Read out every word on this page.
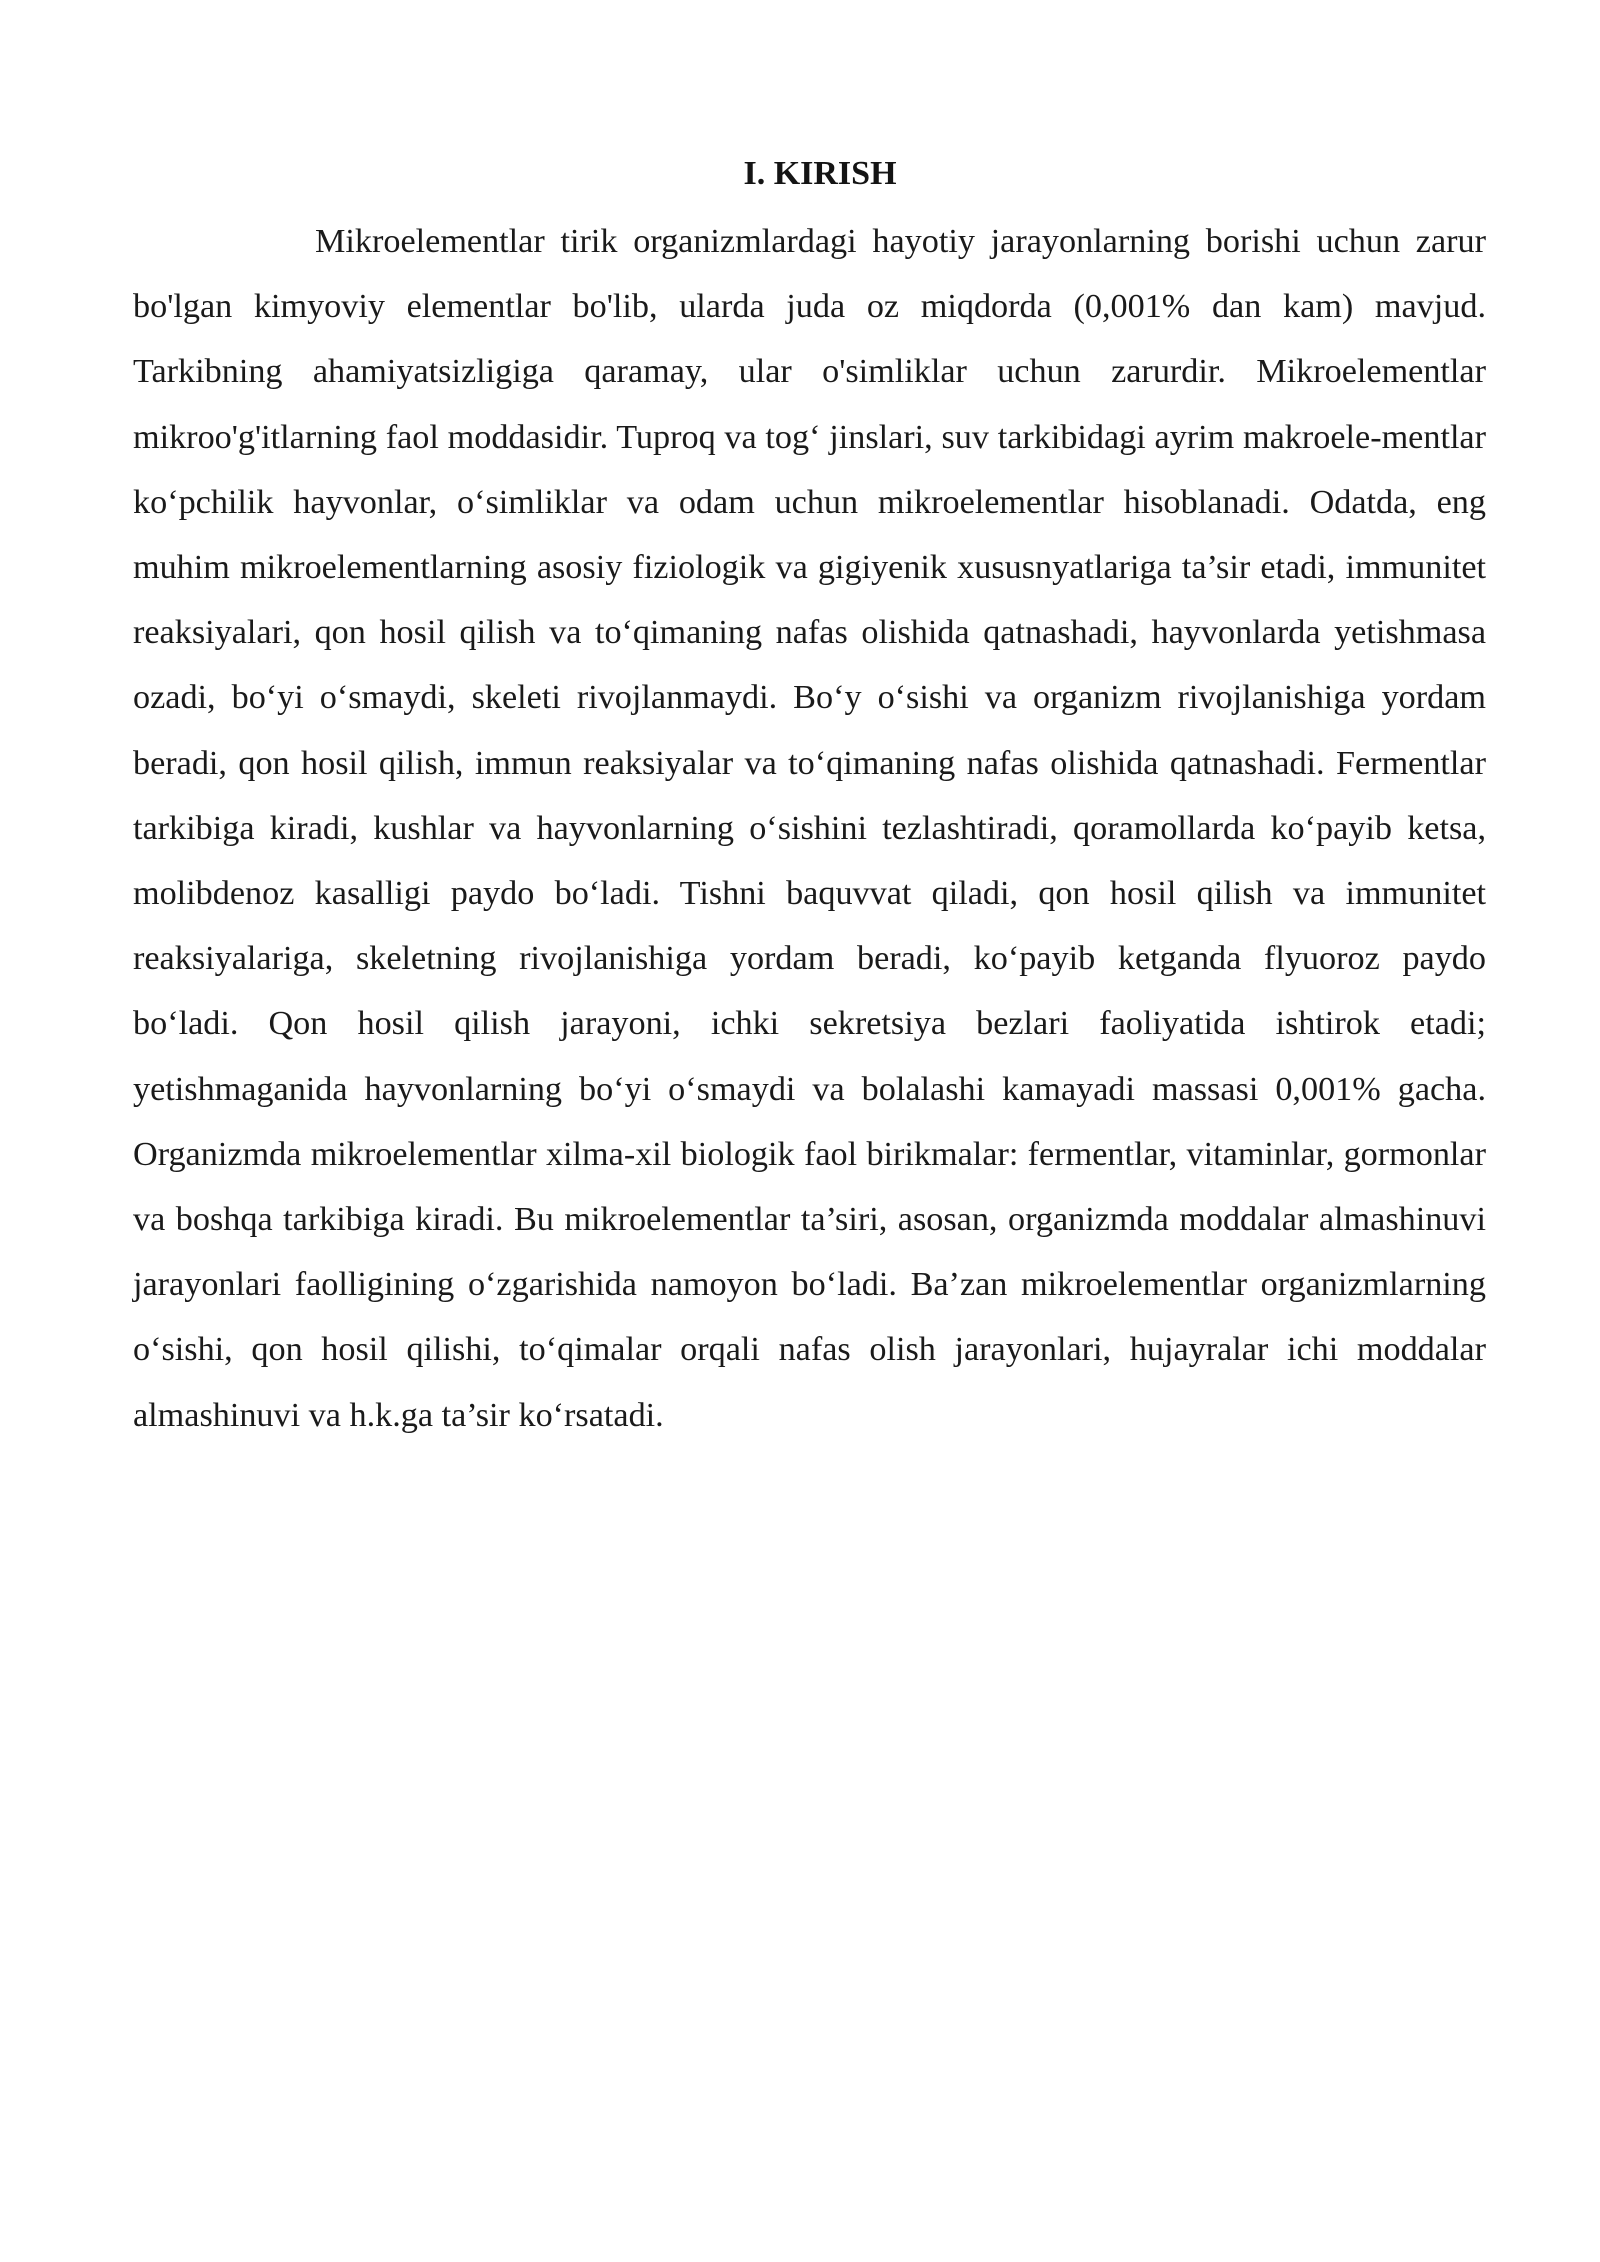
I. KIRISH

Mikroelementlar tirik organizmlardagi hayotiy jarayonlarning borishi uchun zarur bo'lgan kimyoviy elementlar bo'lib, ularda juda oz miqdorda (0,001% dan kam) mavjud. Tarkibning ahamiyatsizligiga qaramay, ular o'simliklar uchun zarurdir. Mikroelementlar mikroo'g'itlarning faol moddasidir. Tuproq va tog‘ jinslari, suv tarkibidagi ayrim makroele-mentlar ko‘pchilik hayvonlar, o‘simliklar va odam uchun mikroelementlar hisoblanadi. Odatda, eng muhim mikroelementlarning asosiy fiziologik va gigiyenik xususnyatlariga ta’sir etadi, immunitet reaksiyalari, qon hosil qilish va to‘qimaning nafas olishida qatnashadi, hayvonlarda yetishmasa ozadi, bo‘yi o‘smaydi, skeleti rivojlanmaydi. Bo‘y o‘sishi va organizm rivojlanishiga yordam beradi, qon hosil qilish, immun reaksiyalar va to‘qimaning nafas olishida qatnashadi. Fermentlar tarkibiga kiradi, kushlar va hayvonlarning o‘sishini tezlashtiradi, qoramollarda ko‘payib ketsa, molibdenoz kasalligi paydo bo‘ladi. Tishni baquvvat qiladi, qon hosil qilish va immunitet reaksiyalariga, skeletning rivojlanishiga yordam beradi, ko‘payib ketganda flyuoroz paydo bo‘ladi. Qon hosil qilish jarayoni, ichki sekretsiya bezlari faoliyatida ishtirok etadi; yetishmaganida hayvonlarning bo‘yi o‘smaydi va bolalashi kamayadi massasi 0,001% gacha. Organizmda mikroelementlar xilma-xil biologik faol birikmalar: fermentlar, vitaminlar, gormonlar va boshqa tarkibiga kiradi. Bu mikroelementlar ta’siri, asosan, organizmda moddalar almashinuvi jarayonlari faolligining o‘zgarishida namoyon bo‘ladi. Ba’zan mikroelementlar organizmlarning o‘sishi, qon hosil qilishi, to‘qimalar orqali nafas olish jarayonlari, hujayralar ichi moddalar almashinuvi va h.k.ga ta’sir ko‘rsatadi.
